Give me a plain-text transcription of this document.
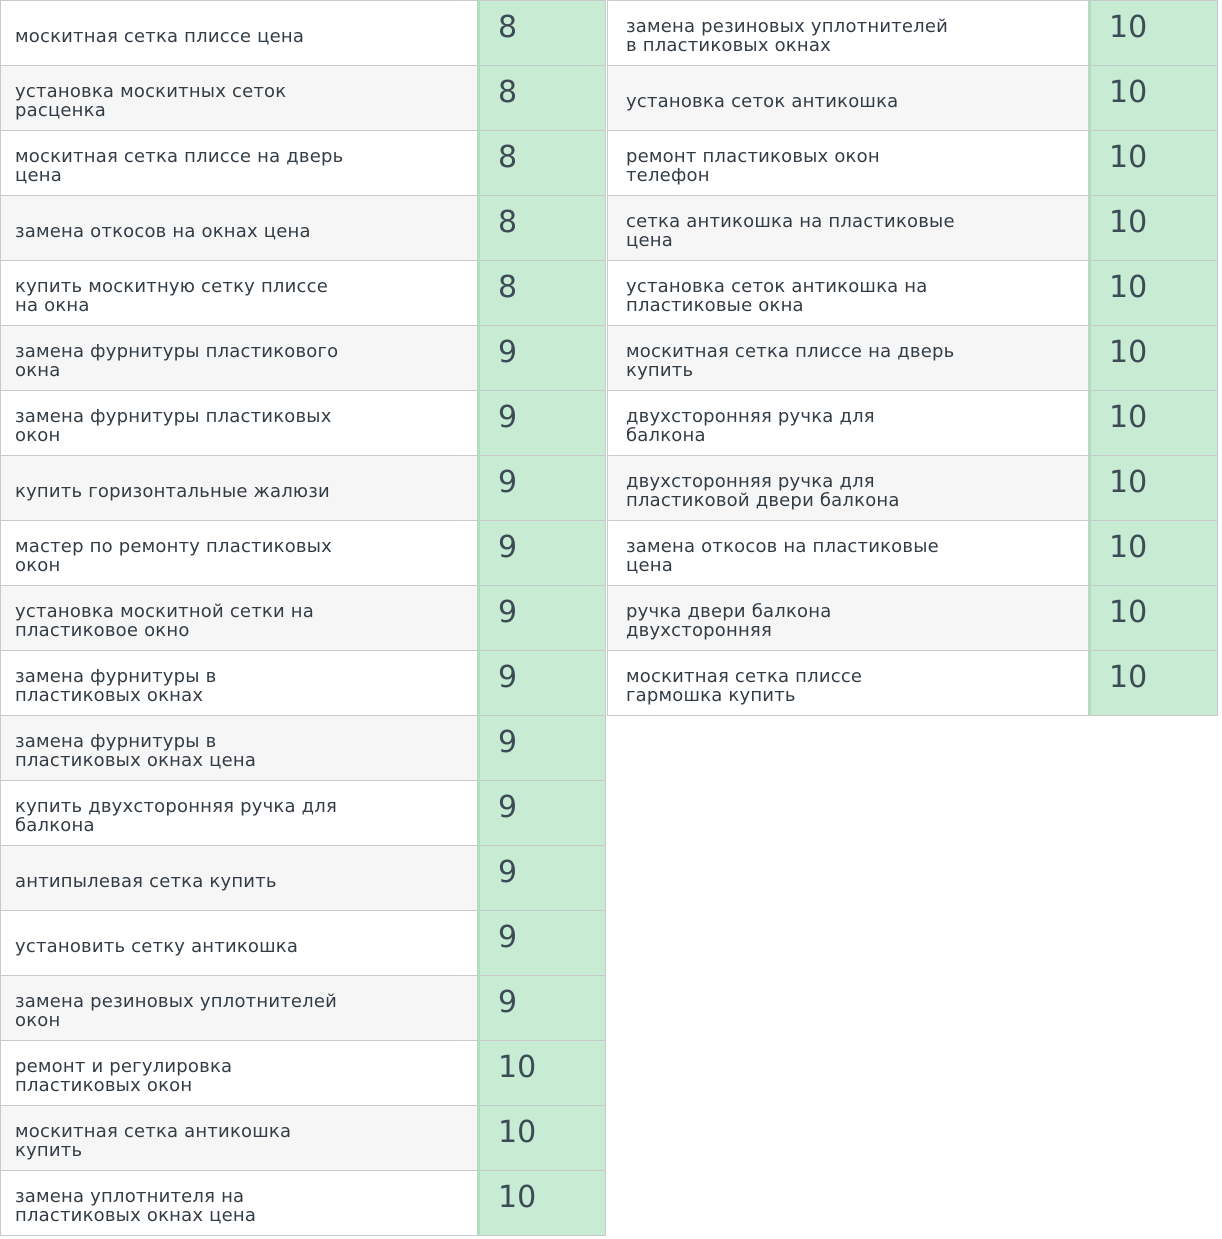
москитная сетка плиссе цена	8

установка москитных сеток расценка	8

москитная сетка плиссе на дверь цена	8

замена откосов на окнах цена	8

купить москитную сетку плиссе на окна	8

замена фурнитуры пластикового окна	9

замена фурнитуры пластиковых окон	9

купить горизонтальные жалюзи	9

мастер по ремонту пластиковых окон	9

установка москитной сетки на пластиковое окно	9

замена фурнитуры в пластиковых окнах	9

замена фурнитуры в пластиковых окнах цена	9

купить двухсторонняя ручка для балкона	9

антипылевая сетка купить	9

установить сетку антикошка	9

замена резиновых уплотнителей окон	9

ремонт и регулировка пластиковых окон	10

москитная сетка антикошка купить	10

замена уплотнителя на пластиковых окнах цена	10
замена резиновых уплотнителей в пластиковых окнах	10

установка сеток антикошка	10

ремонт пластиковых окон телефон	10

сетка антикошка на пластиковые цена	10

установка сеток антикошка на пластиковые окна	10

москитная сетка плиссе на дверь купить	10

двухсторонняя ручка для балкона	10

двухсторонняя ручка для пластиковой двери балкона	10

замена откосов на пластиковые цена	10

ручка двери балкона двухсторонняя	10

москитная сетка плиссе гармошка купить	10
